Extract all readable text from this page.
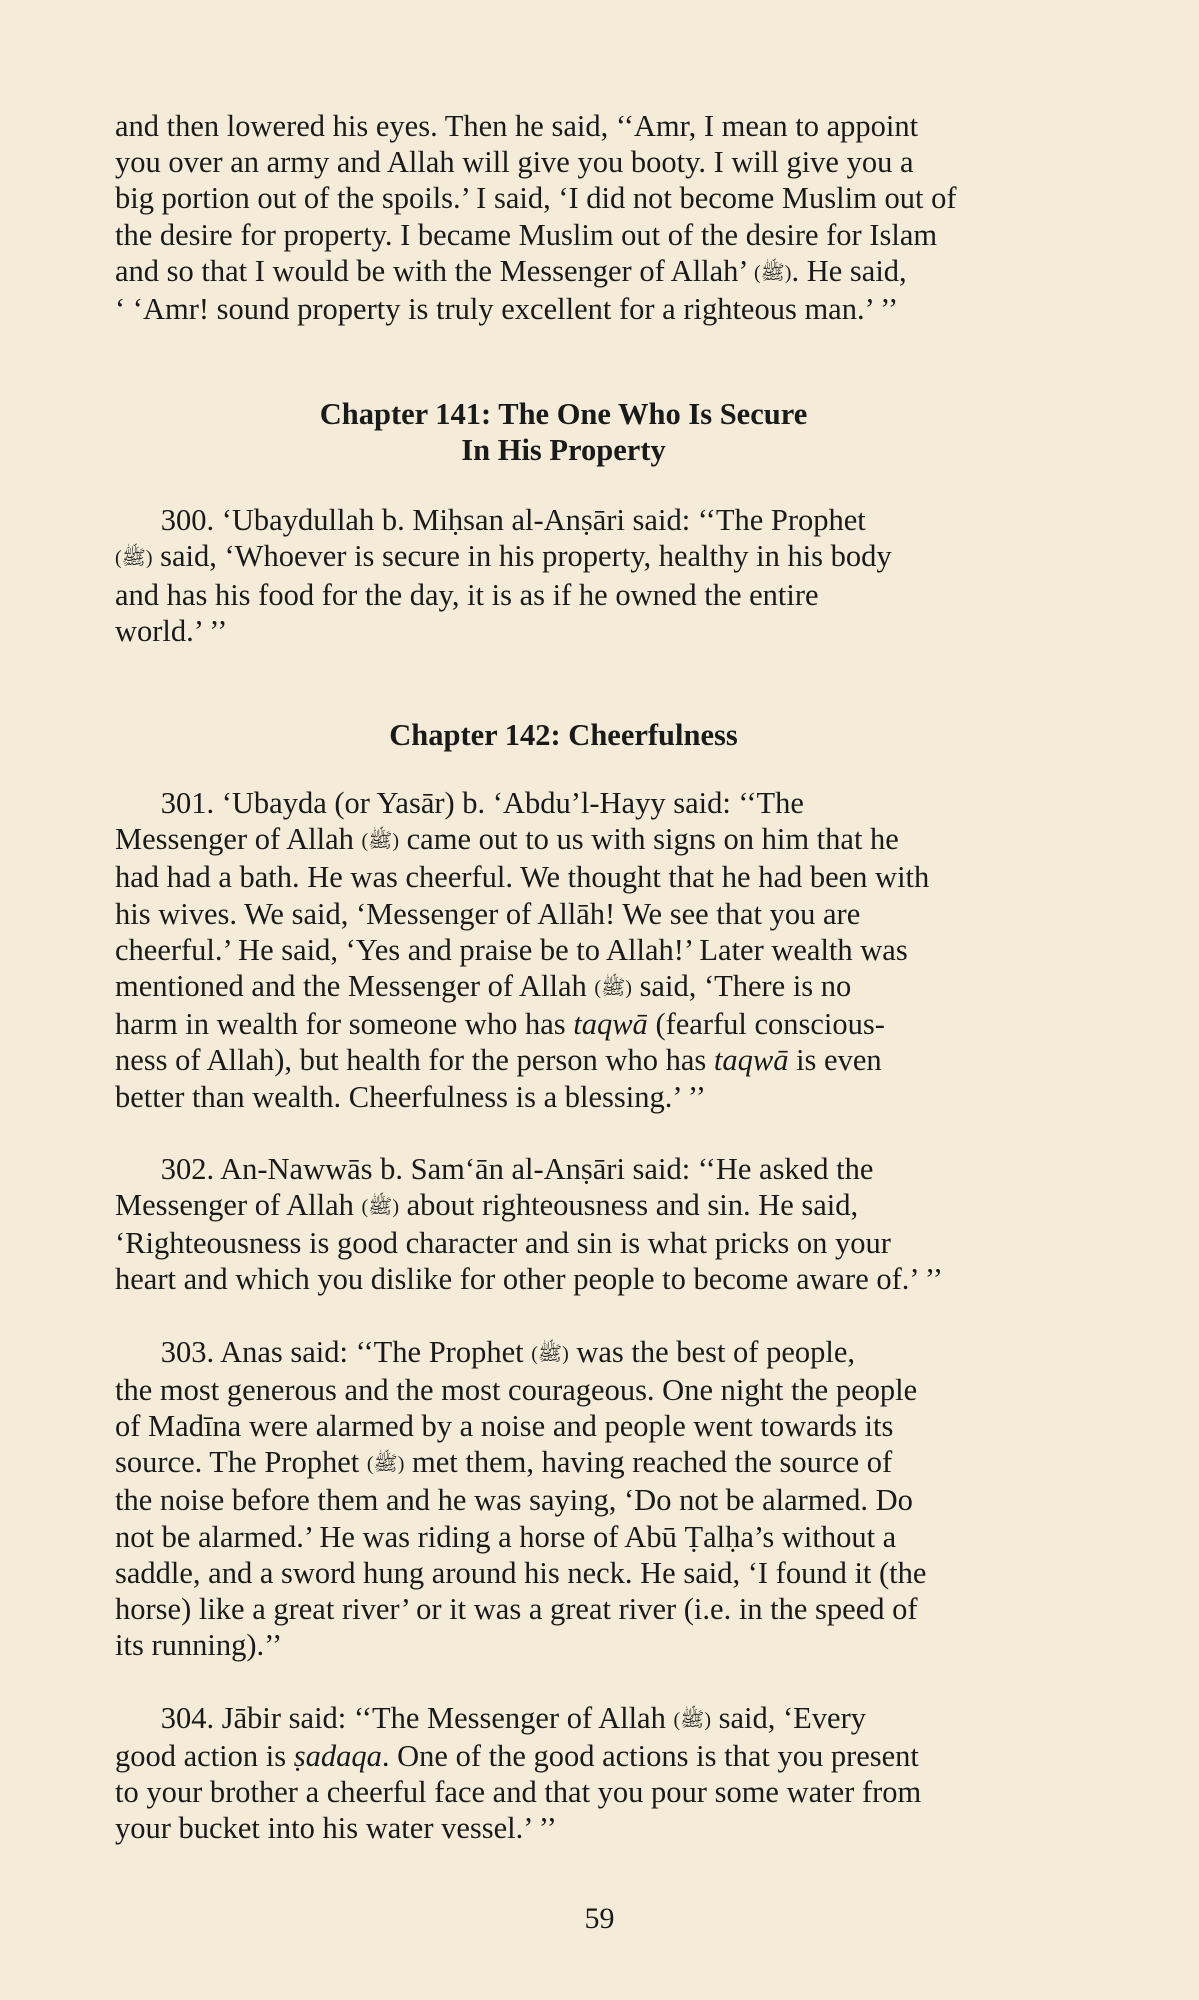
and then lowered his eyes. Then he said, ‘‘Amr, I mean to appoint
you over an army and Allah will give you booty. I will give you a
big portion out of the spoils.’ I said, ‘I did not become Muslim out of
the desire for property. I became Muslim out of the desire for Islam
and so that I would be with the Messenger of Allah’ (ﷺ). He said,
‘ ‘Amr! sound property is truly excellent for a righteous man.’ ’’
Chapter 141: The One Who Is Secure
In His Property
  300. ‘Ubaydullah b. Miḥsan al-Anṣāri said: ‘‘The Prophet
(ﷺ) said, ‘Whoever is secure in his property, healthy in his body
and has his food for the day, it is as if he owned the entire
world.’ ’’
Chapter 142: Cheerfulness
  301. ‘Ubayda (or Yasār) b. ‘Abdu’l-Hayy said: ‘‘The
Messenger of Allah (ﷺ) came out to us with signs on him that he
had had a bath. He was cheerful. We thought that he had been with
his wives. We said, ‘Messenger of Allāh! We see that you are
cheerful.’ He said, ‘Yes and praise be to Allah!’ Later wealth was
mentioned and the Messenger of Allah (ﷺ) said, ‘There is no
harm in wealth for someone who has taqwā (fearful conscious-
ness of Allah), but health for the person who has taqwā is even
better than wealth. Cheerfulness is a blessing.’ ’’
  302. An-Nawwās b. Sam‘ān al-Anṣāri said: ‘‘He asked the
Messenger of Allah (ﷺ) about righteousness and sin. He said,
‘Righteousness is good character and sin is what pricks on your
heart and which you dislike for other people to become aware of.’ ’’
  303. Anas said: ‘‘The Prophet (ﷺ) was the best of people,
the most generous and the most courageous. One night the people
of Madīna were alarmed by a noise and people went towards its
source. The Prophet (ﷺ) met them, having reached the source of
the noise before them and he was saying, ‘Do not be alarmed. Do
not be alarmed.’ He was riding a horse of Abū Ṭalḥa’s without a
saddle, and a sword hung around his neck. He said, ‘I found it (the
horse) like a great river’ or it was a great river (i.e. in the speed of
its running).’’
  304. Jābir said: ‘‘The Messenger of Allah (ﷺ) said, ‘Every
good action is ṣadaqa. One of the good actions is that you present
to your brother a cheerful face and that you pour some water from
your bucket into his water vessel.’ ’’
59
